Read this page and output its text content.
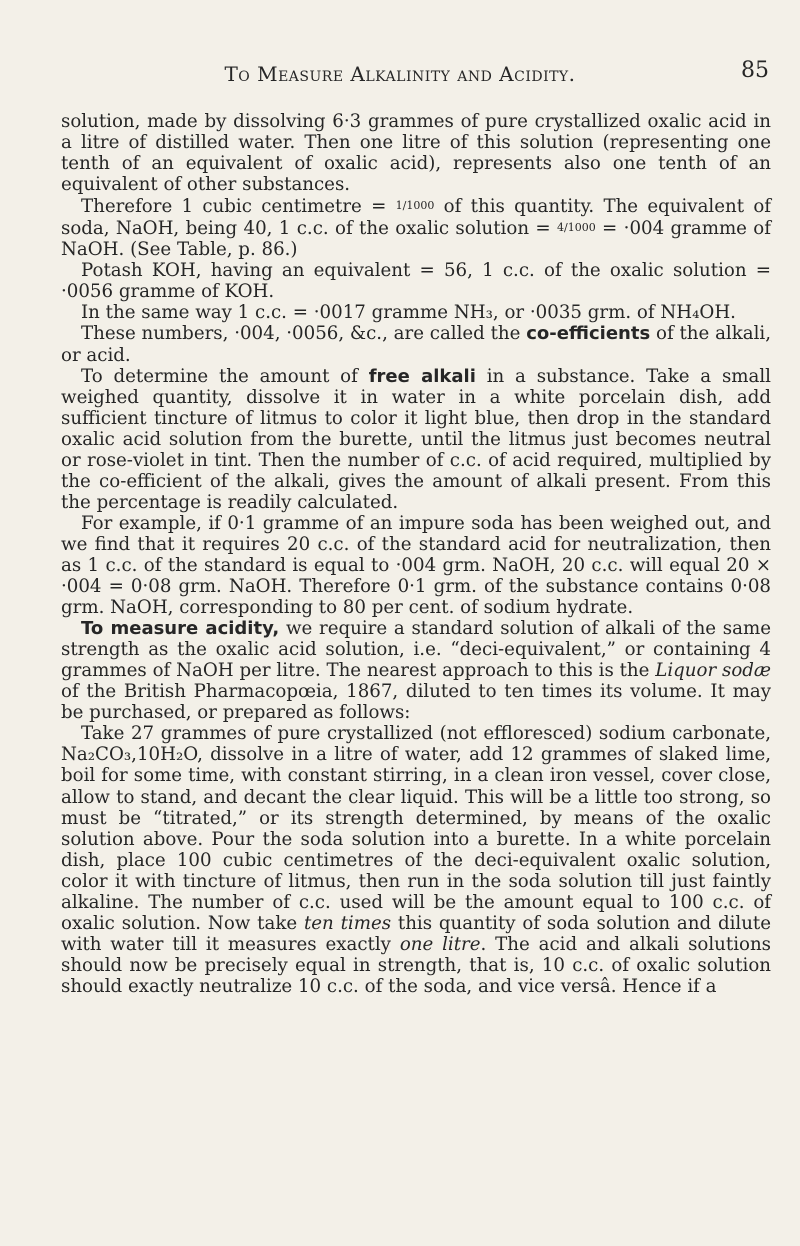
To Measure Alkalinity and Acidity.	85

solution, made by dissolving 6·3 grammes of pure crystallized oxalic acid in a litre of distilled water. Then one litre of this solution (representing one tenth of an equivalent of oxalic acid), represents also one tenth of an equivalent of other substances.

Therefore 1 cubic centimetre = 1/1000 of this quantity. The equivalent of soda, NaOH, being 40, 1 c.c. of the oxalic solution = 4/1000 = ·004 gramme of NaOH. (See Table, p. 86.)

Potash KOH, having an equivalent = 56, 1 c.c. of the oxalic solution = ·0056 gramme of KOH.

In the same way 1 c.c. = ·0017 gramme NH₃, or ·0035 grm. of NH₄OH.

These numbers, ·004, ·0056, &c., are called the co-efficients of the alkali, or acid.

To determine the amount of free alkali in a substance. Take a small weighed quantity, dissolve it in water in a white porcelain dish, add sufficient tincture of litmus to color it light blue, then drop in the standard oxalic acid solution from the burette, until the litmus just becomes neutral or rose-violet in tint. Then the number of c.c. of acid required, multiplied by the co-efficient of the alkali, gives the amount of alkali present. From this the percentage is readily calculated.

For example, if 0·1 gramme of an impure soda has been weighed out, and we find that it requires 20 c.c. of the standard acid for neutralization, then as 1 c.c. of the standard is equal to ·004 grm. NaOH, 20 c.c. will equal 20 × ·004 = 0·08 grm. NaOH. Therefore 0·1 grm. of the substance contains 0·08 grm. NaOH, corresponding to 80 per cent. of sodium hydrate.

To measure acidity, we require a standard solution of alkali of the same strength as the oxalic acid solution, i.e. “deci-equivalent,” or containing 4 grammes of NaOH per litre. The nearest approach to this is the Liquor sodæ of the British Pharmacopœia, 1867, diluted to ten times its volume. It may be purchased, or prepared as follows:

Take 27 grammes of pure crystallized (not effloresced) sodium carbonate, Na₂CO₃,10H₂O, dissolve in a litre of water, add 12 grammes of slaked lime, boil for some time, with constant stirring, in a clean iron vessel, cover close, allow to stand, and decant the clear liquid. This will be a little too strong, so must be “titrated,” or its strength determined, by means of the oxalic solution above. Pour the soda solution into a burette. In a white porcelain dish, place 100 cubic centimetres of the deci-equivalent oxalic solution, color it with tincture of litmus, then run in the soda solution till just faintly alkaline. The number of c.c. used will be the amount equal to 100 c.c. of oxalic solution. Now take ten times this quantity of soda solution and dilute with water till it measures exactly one litre. The acid and alkali solutions should now be precisely equal in strength, that is, 10 c.c. of oxalic solution should exactly neutralize 10 c.c. of the soda, and vice versâ. Hence if a
